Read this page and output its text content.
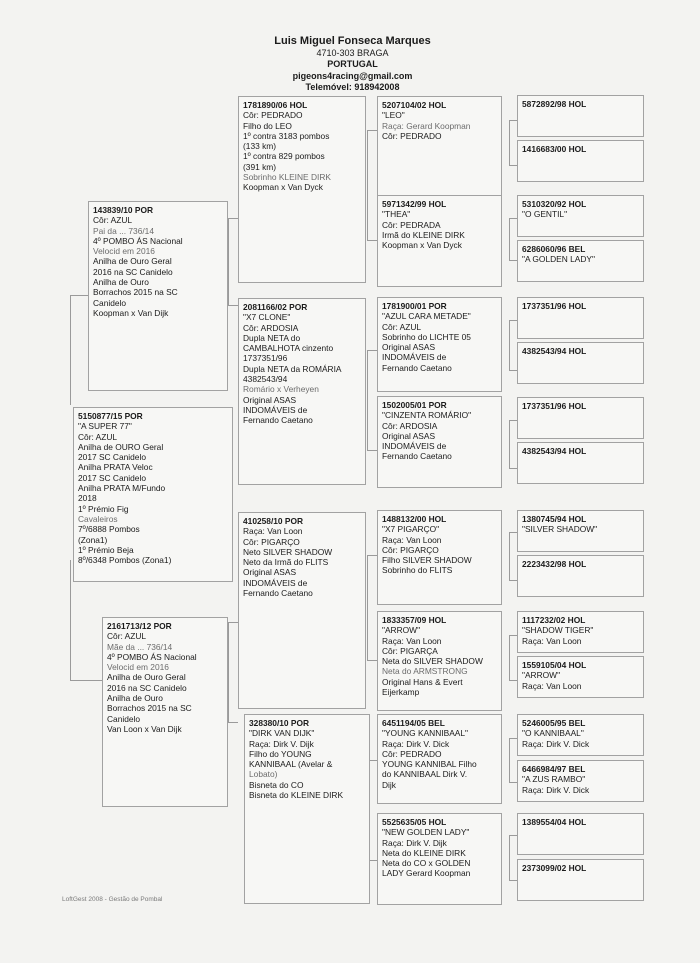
Luis Miguel Fonseca Marques
4710-303 BRAGA
PORTUGAL
pigeons4racing@gmail.com
Telemóvel: 918942008
5150877/15 POR
"A SUPER 77"
Côr: AZUL
Anilha de OURO Geral
2017 SC Canidelo
Anilha PRATA Veloc
2017 SC Canidelo
Anilha PRATA M/Fundo
2018
1º Prémio Fig
Cavaleiros
7º/6888 Pombos
(Zona1)
1º Prémio Beja
8º/6348 Pombos (Zona1)
143839/10 POR
Côr: AZUL
Pai da ... 736/14
4º POMBO ÁS Nacional
Velocid em 2016
Anilha de Ouro Geral
2016 na SC Canidelo
Anilha de Ouro
Borrachos 2015 na SC
Canidelo
Koopman x Van Dijk
2161713/12 POR
Côr: AZUL
Mãe da ... 736/14
4º POMBO ÁS Nacional
Velocid em 2016
Anilha de Ouro Geral
2016 na SC Canidelo
Anilha de Ouro
Borrachos 2015 na SC
Canidelo
Van Loon x Van Dijk
1781890/06 HOL
Côr: PEDRADO
Filho do LEO
1º contra 3183 pombos
(133 km)
1º contra 829 pombos
(391 km)
Sobrinho KLEINE DIRK
Koopman x Van Dyck
2081166/02 POR
"X7 CLONE"
Côr: ARDOSIA
Dupla NETA do
CAMBALHOTA cinzento
1737351/96
Dupla NETA da ROMÁRIA
4382543/94
Romário x Verheyen
Original ASAS
INDOMÁVEIS de
Fernando Caetano
410258/10 POR
Raça: Van Loon
Côr: PIGARÇO
Neto SILVER SHADOW
Neto da Irmã do FLITS
Original ASAS
INDOMÁVEIS de
Fernando Caetano
328380/10 POR
"DIRK VAN DIJK"
Raça: Dirk V. Dijk
Filho do YOUNG
KANNIBAAL (Avelar &
Lobato)
Bisneta do CO
Bisneta do KLEINE DIRK
5207104/02 HOL
"LEO"
Raça: Gerard Koopman
Côr: PEDRADO
5971342/99 HOL
"THEA"
Côr: PEDRADA
Irmã do KLEINE DIRK
Koopman x Van Dyck
1781900/01 POR
"AZUL CARA METADE"
Côr: AZUL
Sobrinho do LICHTE 05
Original ASAS
INDOMÁVEIS de
Fernando Caetano
1502005/01 POR
"CINZENTA ROMÁRIO"
Côr: ARDOSIA
Original ASAS
INDOMÁVEIS de
Fernando Caetano
1488132/00 HOL
"X7 PIGARÇO"
Raça: Van Loon
Côr: PIGARÇO
Filho SILVER SHADOW
Sobrinho do FLITS
1833357/09 HOL
"ARROW"
Raça: Van Loon
Côr: PIGARÇA
Neta do SILVER SHADOW
Neta do ARMSTRONG
Original Hans & Evert
Eijerkamp
6451194/05 BEL
"YOUNG KANNIBAAL"
Raça: Dirk V. Dick
Côr: PEDRADO
YOUNG KANNIBAL Filho
do KANNIBAAL Dirk V.
Dijk
5525635/05 HOL
"NEW GOLDEN LADY"
Raça: Dirk V. Dijk
Neta do KLEINE DIRK
Neta do CO x GOLDEN
LADY Gerard Koopman
5872892/98 HOL
1416683/00 HOL
5310320/92 HOL
"O GENTIL"
6286060/96 BEL
"A GOLDEN LADY"
1737351/96 HOL
4382543/94 HOL
1737351/96 HOL
4382543/94 HOL
1380745/94 HOL
"SILVER SHADOW"
2223432/98 HOL
1117232/02 HOL
"SHADOW TIGER"
Raça: Van Loon
1559105/04 HOL
"ARROW"
Raça: Van Loon
5246005/95 BEL
"O KANNIBAAL"
Raça: Dirk V. Dick
6466984/97 BEL
"A ZUS RAMBO"
Raça: Dirk V. Dick
1389554/04 HOL
2373099/02 HOL
LoftGest 2008 - Gestão de Pombal
